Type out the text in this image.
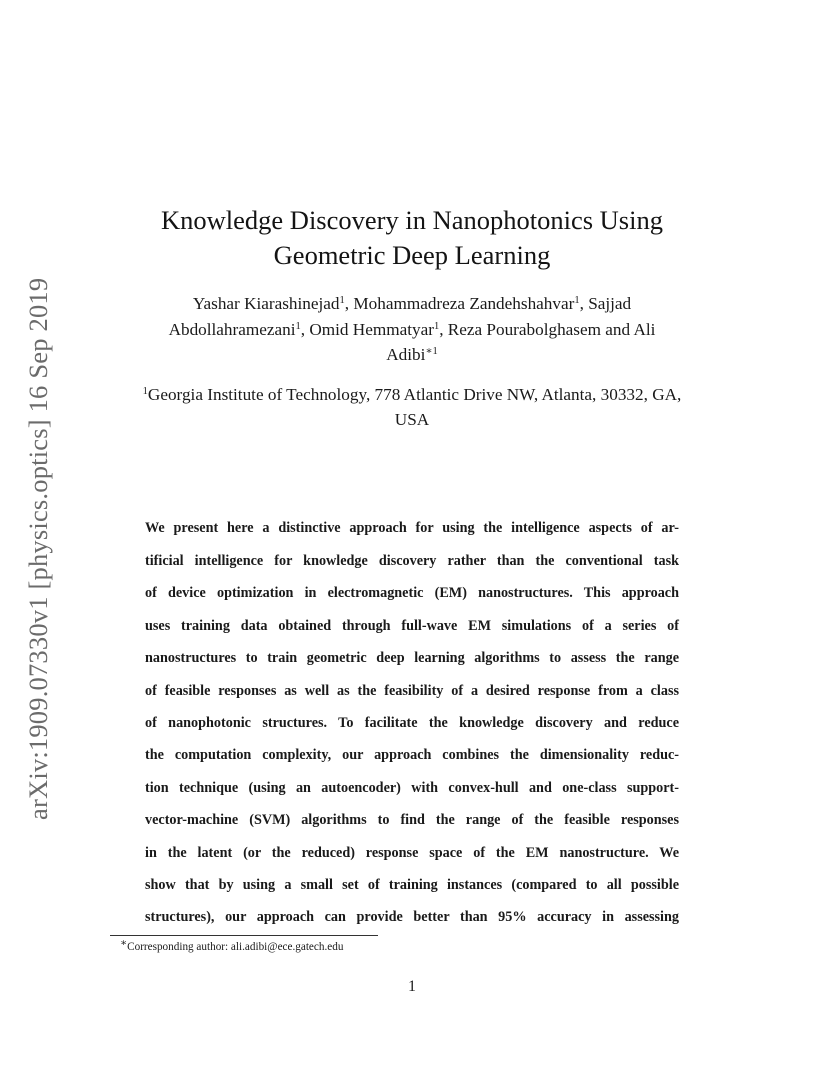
arXiv:1909.07330v1 [physics.optics] 16 Sep 2019
Knowledge Discovery in Nanophotonics Using
Geometric Deep Learning
Yashar Kiarashinejad$^1$, Mohammadreza Zandehshahvar$^1$, Sajjad
Abdollahramezani$^1$, Omid Hemmatyar$^1$, Reza Pourabolghasem and Ali
Adibi$^{∗1}$
$^1$Georgia Institute of Technology, 778 Atlantic Drive NW, Atlanta, 30332, GA,
USA
We present here a distinctive approach for using the intelligence aspects of ar-
tificial intelligence for knowledge discovery rather than the conventional task
of device optimization in electromagnetic (EM) nanostructures. This approach
uses training data obtained through full-wave EM simulations of a series of
nanostructures to train geometric deep learning algorithms to assess the range
of feasible responses as well as the feasibility of a desired response from a class
of nanophotonic structures. To facilitate the knowledge discovery and reduce
the computation complexity, our approach combines the dimensionality reduc-
tion technique (using an autoencoder) with convex-hull and one-class support-
vector-machine (SVM) algorithms to find the range of the feasible responses
in the latent (or the reduced) response space of the EM nanostructure. We
show that by using a small set of training instances (compared to all possible
structures), our approach can provide better than 95% accuracy in assessing
∗Corresponding author: ali.adibi@ece.gatech.edu
1
